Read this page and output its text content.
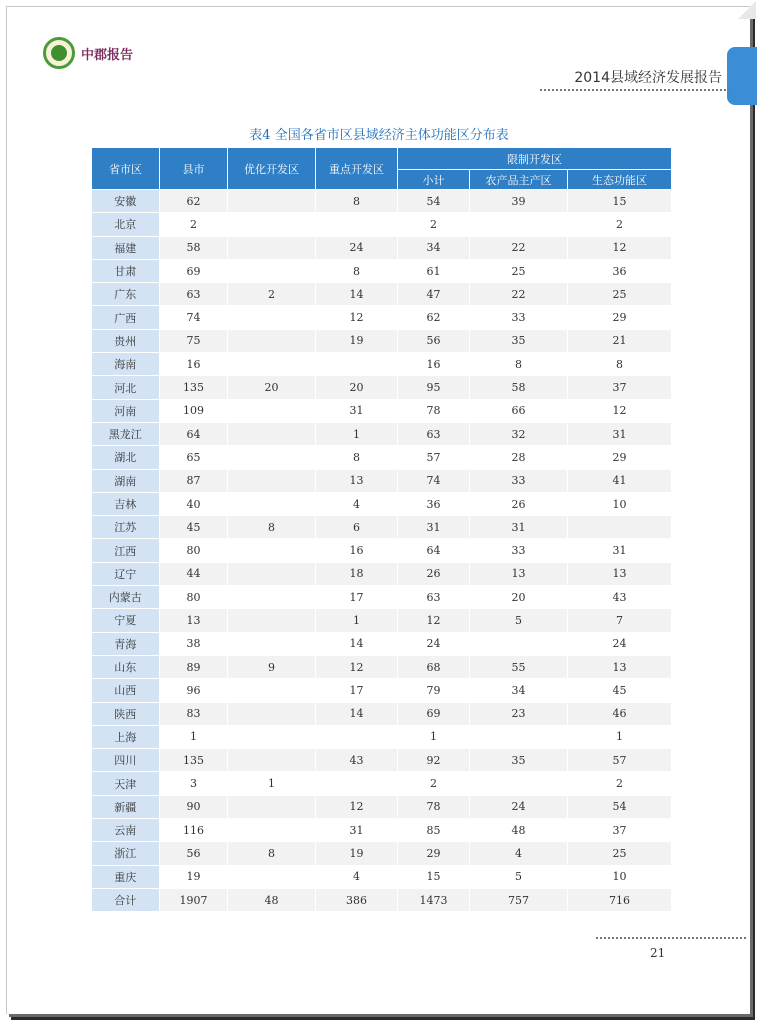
中郡报告
2014县域经济发展报告
表4 全国各省市区县域经济主体功能区分布表
省市区	县市	优化开发区	重点开发区	限制开发区		
				小计	农产品主产区	生态功能区
安徽	62		8	54	39	15
北京	2			2		2
福建	58		24	34	22	12
甘肃	69		8	61	25	36
广东	63	2	14	47	22	25
广西	74		12	62	33	29
贵州	75		19	56	35	21
海南	16			16	8	8
河北	135	20	20	95	58	37
河南	109		31	78	66	12
黑龙江	64		1	63	32	31
湖北	65		8	57	28	29
湖南	87		13	74	33	41
吉林	40		4	36	26	10
江苏	45	8	6	31	31	
江西	80		16	64	33	31
辽宁	44		18	26	13	13
内蒙古	80		17	63	20	43
宁夏	13		1	12	5	7
青海	38		14	24		24
山东	89	9	12	68	55	13
山西	96		17	79	34	45
陕西	83		14	69	23	46
上海	1			1		1
四川	135		43	92	35	57
天津	3	1		2		2
新疆	90		12	78	24	54
云南	116		31	85	48	37
浙江	56	8	19	29	4	25
重庆	19		4	15	5	10
合计	1907	48	386	1473	757	716
21
